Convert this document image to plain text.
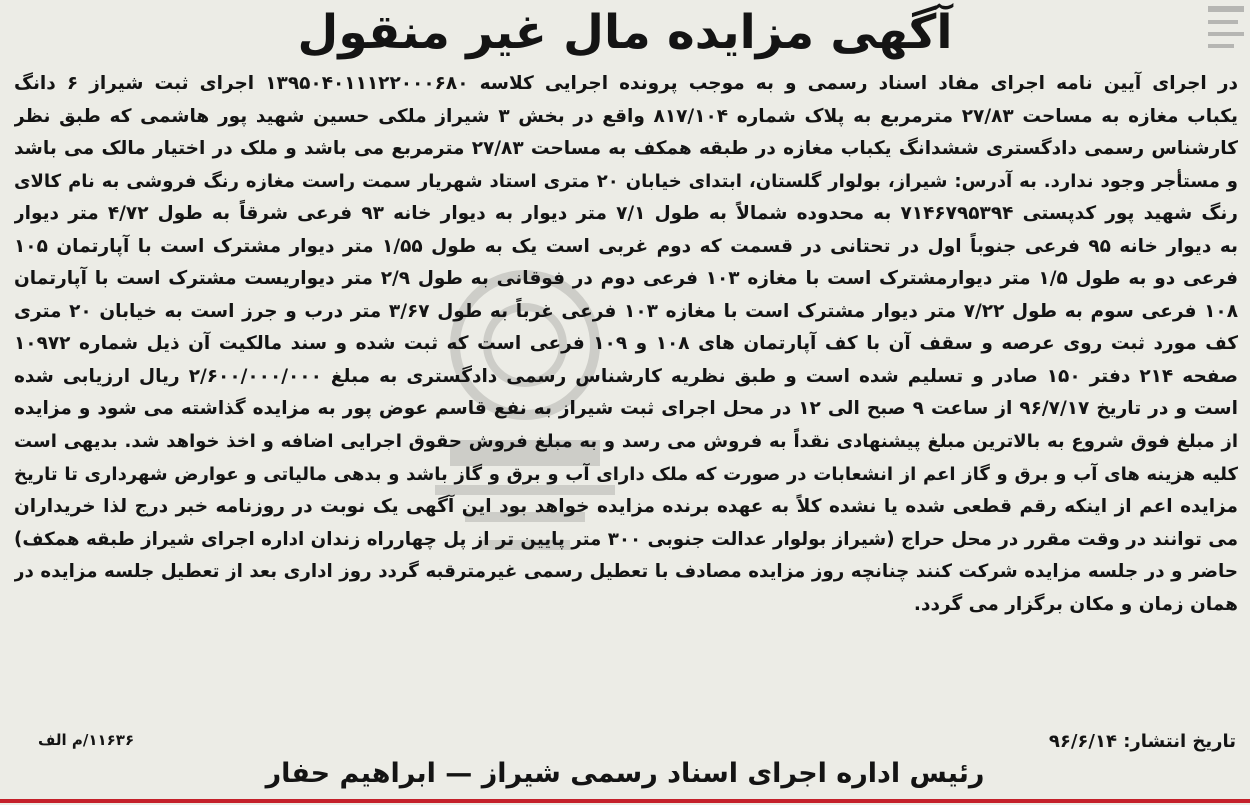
آگهی مزایده مال غیر منقول
در اجرای آیین نامه اجرای مفاد اسناد رسمی و به موجب پرونده اجرایی کلاسه ۱۳۹۵۰۴۰۱۱۱۲۲۰۰۰۶۸۰ اجرای ثبت شیراز ۶ دانگ
یکباب مغازه به مساحت ۲۷/۸۳ مترمربع به پلاک شماره ۸۱۷/۱۰۴ واقع در بخش ۳ شیراز ملکی حسین شهید پور هاشمی که طبق نظر
کارشناس رسمی دادگستری ششدانگ یکباب مغازه در طبقه همکف به مساحت ۲۷/۸۳ مترمربع می باشد و ملک در اختیار مالک می باشد
و مستأجر وجود ندارد. به آدرس: شیراز، بولوار گلستان، ابتدای خیابان ۲۰ متری استاد شهریار سمت راست مغازه رنگ فروشی به نام کالای
رنگ شهید پور کدپستی ۷۱۴۶۷۹۵۳۹۴ به محدوده شمالاً به طول ۷/۱ متر دیوار به دیوار خانه ۹۳ فرعی شرقاً به طول ۴/۷۲ متر دیوار
به دیوار خانه ۹۵ فرعی جنوباً اول در تحتانی در قسمت که دوم غربی است یک به طول ۱/۵۵ متر دیوار مشترک است با آپارتمان ۱۰۵
فرعی دو به طول ۱/۵ متر دیوارمشترک است با مغازه ۱۰۳ فرعی دوم در فوقانی به طول ۲/۹ متر دیواریست مشترک است با آپارتمان
۱۰۸ فرعی سوم به طول ۷/۲۲ متر دیوار مشترک است با مغازه ۱۰۳ فرعی غرباً به طول ۳/۶۷ متر درب و جرز است به خیابان ۲۰ متری
کف مورد ثبت روی عرصه و سقف آن با کف آپارتمان های ۱۰۸ و ۱۰۹ فرعی است که ثبت شده و سند مالکیت آن ذیل شماره ۱۰۹۷۲
صفحه ۲۱۴ دفتر ۱۵۰ صادر و تسلیم شده است و طبق نظریه کارشناس رسمی دادگستری به مبلغ ۲/۶۰۰/۰۰۰/۰۰۰ ریال ارزیابی شده
است و در تاریخ ۹۶/۷/۱۷ از ساعت ۹ صبح الی ۱۲ در محل اجرای ثبت شیراز به نفع قاسم عوض پور به مزایده گذاشته می شود و مزایده
از مبلغ فوق شروع به بالاترین مبلغ پیشنهادی نقداً به فروش می رسد و به مبلغ فروش حقوق اجرایی اضافه و اخذ خواهد شد. بدیهی است
کلیه هزینه های آب و برق و گاز اعم از انشعابات در صورت که ملک دارای آب و برق و گاز باشد و بدهی مالیاتی و عوارض شهرداری تا تاریخ
مزایده اعم از اینکه رقم قطعی شده یا نشده کلاً به عهده برنده مزایده خواهد بود این آگهی یک نوبت در روزنامه خبر درج لذا خریداران
می توانند در وقت مقرر در محل حراج (شیراز بولوار عدالت جنوبی ۳۰۰ متر پایین تر از پل چهارراه زندان اداره اجرای شیراز طبقه همکف)
حاضر و در جلسه مزایده شرکت کنند چنانچه روز مزایده مصادف با تعطیل رسمی غیرمترقبه گردد روز اداری بعد از تعطیل جلسه مزایده در
همان زمان و مکان برگزار می گردد.
تاریخ انتشار: ۹۶/۶/۱۴
۱۱۶۳۶/م الف
رئیس اداره اجرای اسناد رسمی شیراز — ابراهیم حفار
